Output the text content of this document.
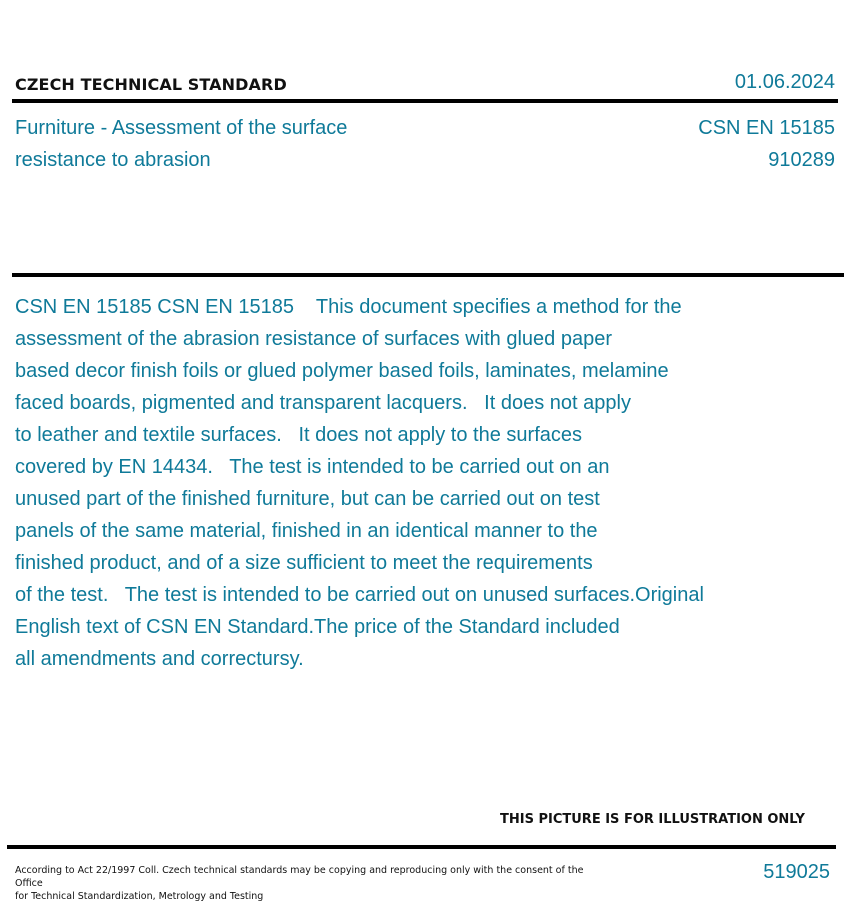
CZECH TECHNICAL STANDARD	01.06.2024
Furniture - Assessment of the surface
resistance to abrasion
CSN EN 15185
910289
CSN EN 15185 CSN EN 15185    This document specifies a method for the
assessment of the abrasion resistance of surfaces with glued paper
based decor finish foils or glued polymer based foils, laminates, melamine
faced boards, pigmented and transparent lacquers.   It does not apply
to leather and textile surfaces.   It does not apply to the surfaces
covered by EN 14434.   The test is intended to be carried out on an
unused part of the finished furniture, but can be carried out on test
panels of the same material, finished in an identical manner to the
finished product, and of a size sufficient to meet the requirements
of the test.   The test is intended to be carried out on unused surfaces.Original
English text of CSN EN Standard.The price of the Standard included
all amendments and correctursy.
THIS PICTURE IS FOR ILLUSTRATION ONLY
According to Act 22/1997 Coll. Czech technical standards may be copying and reproducing only with the consent of the Office
for Technical Standardization, Metrology and Testing
519025
